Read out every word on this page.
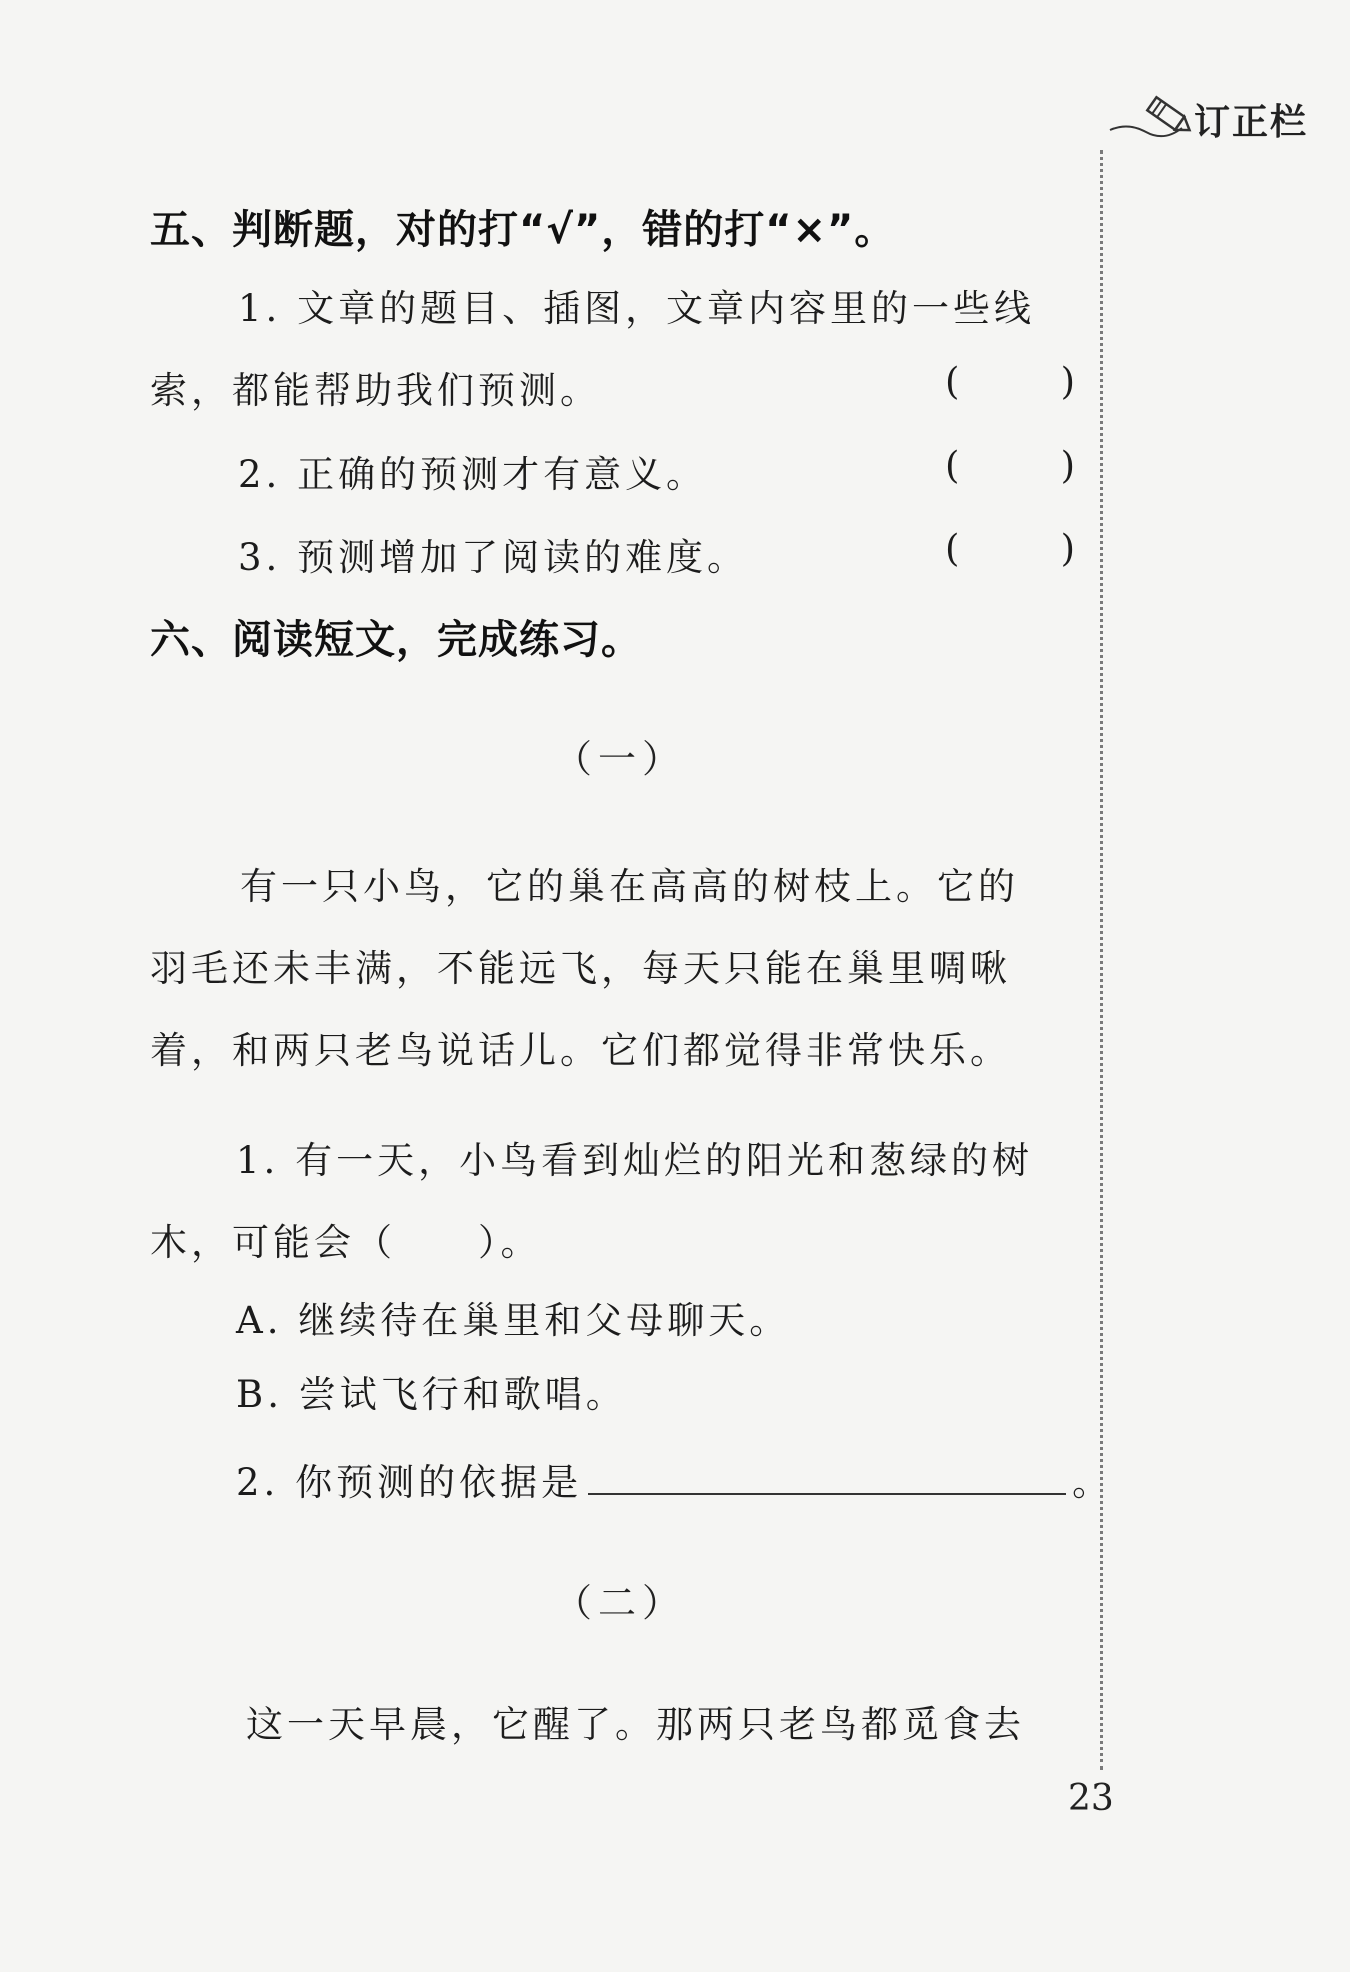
订正栏
五、判断题，对的打“√”，错的打“×”。
1. 文章的题目、插图，文章内容里的一些线
索，都能帮助我们预测。	(	)
2. 正确的预测才有意义。	(	)
3. 预测增加了阅读的难度。	(	)
六、阅读短文，完成练习。
（一）
有一只小鸟，它的巢在高高的树枝上。它的
羽毛还未丰满，不能远飞，每天只能在巢里啁啾
着，和两只老鸟说话儿。它们都觉得非常快乐。
1. 有一天，小鸟看到灿烂的阳光和葱绿的树
木，可能会（　　）。
A. 继续待在巢里和父母聊天。
B. 尝试飞行和歌唱。
2. 你预测的依据是	。
（二）
这一天早晨，它醒了。那两只老鸟都觅食去
23
